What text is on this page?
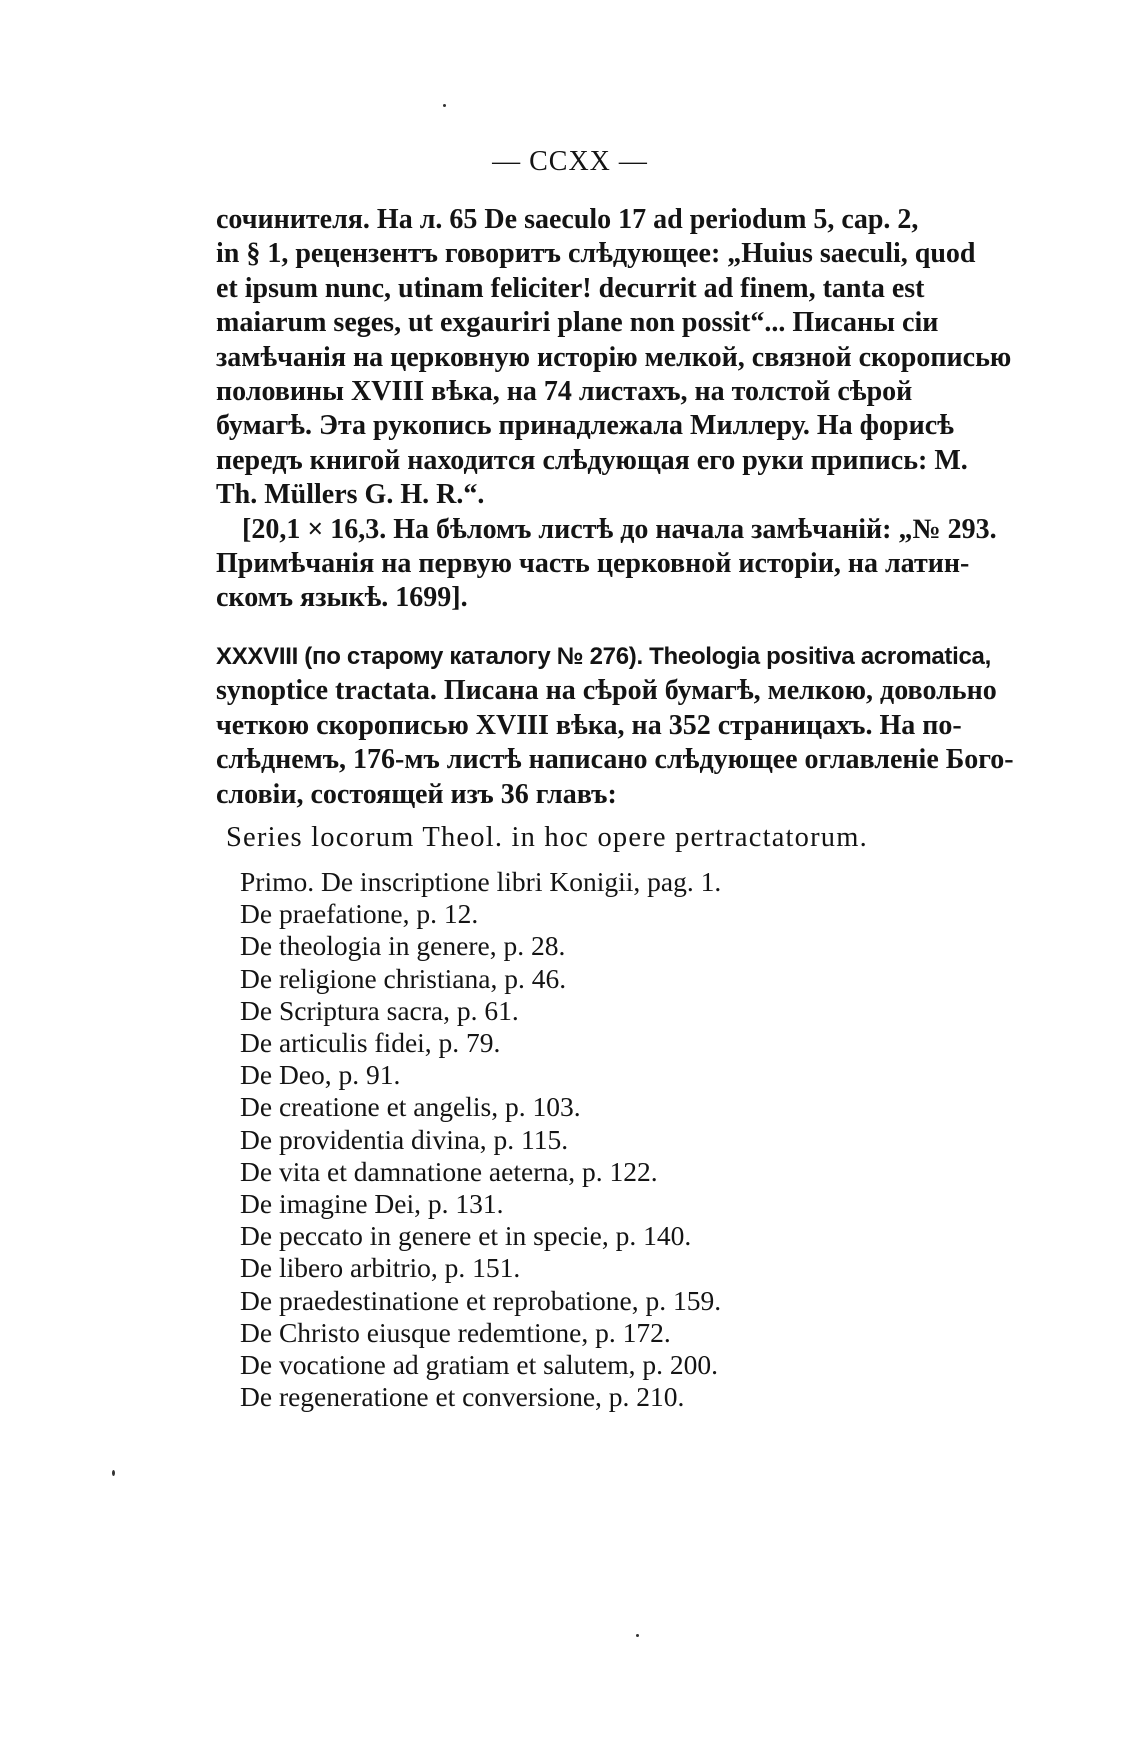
— CCXX —

сочинителя. На л. 65 De saeculo 17 ad periodum 5, cap. 2,

in § 1, рецензентъ говоритъ слѣдующее: „Huius saeculi, quod

et ipsum nunc, utinam feliciter! decurrit ad finem, tanta est

maiarum seges, ut exgauriri plane non possit“... Писаны сіи

замѣчанія на церковную исторію мелкой, связной скорописью

половины XVIII вѣка, на 74 листахъ, на толстой сѣрой

бумагѣ. Эта рукопись принадлежала Миллеру. На форисѣ

передъ книгой находится слѣдующая его руки припись: M.

Th. Müllers G. H. R.“.

[20,1 × 16,3. На бѣломъ листѣ до начала замѣчаній: „№ 293.

Примѣчанія на первую часть церковной исторіи, на латин-

скомъ языкѣ. 1699].

XXXVIII (по старому каталогу № 276). Theologia positiva acromatica,

synoptice tractata. Писана на сѣрой бумагѣ, мелкою, довольно

четкою скорописью XVIII вѣка, на 352 страницахъ. На по-

слѣднемъ, 176-мъ листѣ написано слѣдующее оглавленіе Бого-

словіи, состоящей изъ 36 главъ:

Series locorum Theol. in hoc opere pertractatorum.
Primo. De inscriptione libri Konigii, pag. 1.
De praefatione, p. 12.
De theologia in genere, p. 28.
De religione christiana, p. 46.
De Scriptura sacra, p. 61.
De articulis fidei, p. 79.
De Deo, p. 91.
De creatione et angelis, p. 103.
De providentia divina, p. 115.
De vita et damnatione aeterna, p. 122.
De imagine Dei, p. 131.
De peccato in genere et in specie, p. 140.
De libero arbitrio, p. 151.
De praedestinatione et reprobatione, p. 159.
De Christo eiusque redemtione, p. 172.
De vocatione ad gratiam et salutem, p. 200.
De regeneratione et conversione, p. 210.
